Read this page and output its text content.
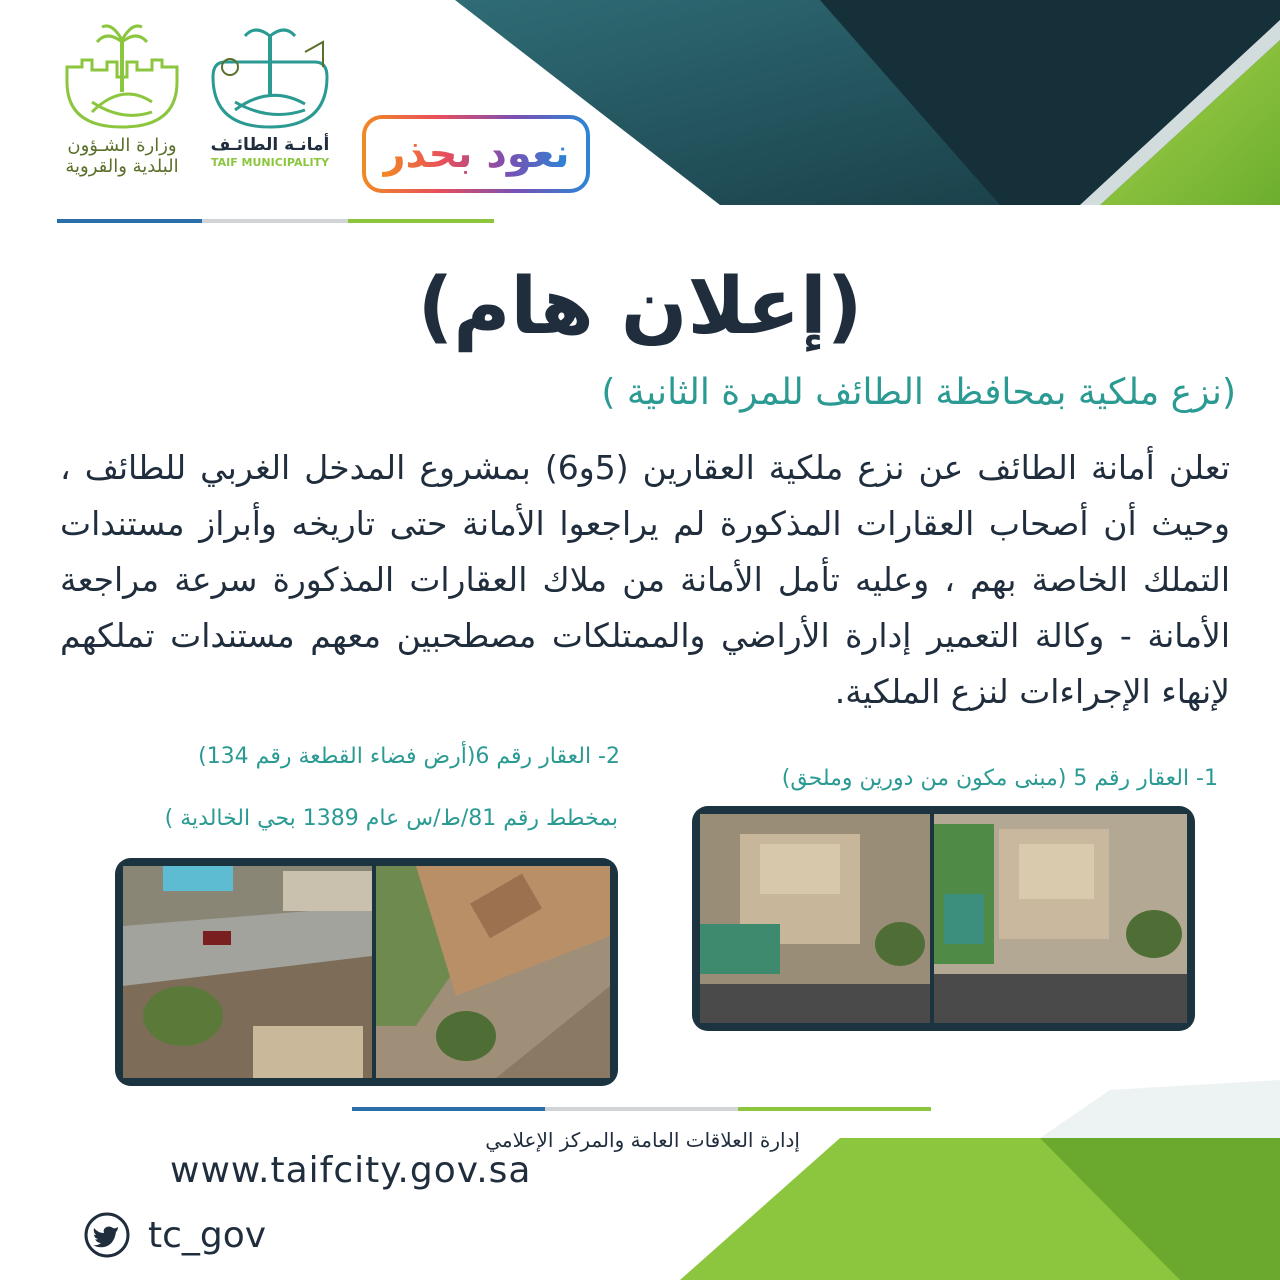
وزارة الشـؤون
البلدية والقروية
أمانـة الطائـف
TAIF MUNICIPALITY نعود بحذر
(إعلان هام)
(نزع ملكية بمحافظة الطائف للمرة الثانية )
تعلن أمانة الطائف عن نزع ملكية العقارين (5و6) بمشروع المدخل الغربي للطائف ، وحيث أن أصحاب العقارات المذكورة لم يراجعوا الأمانة حتى تاريخه وأبراز مستندات التملك الخاصة بهم ، وعليه تأمل الأمانة من ملاك العقارات المذكورة سرعة مراجعة الأمانة - وكالة التعمير إدارة الأراضي والممتلكات مصطحبين معهم مستندات تملكهم لإنهاء الإجراءات لنزع الملكية.
2- العقار رقم 6(أرض فضاء القطعة رقم 134)
بمخطط رقم 81/ط/س عام 1389 بحي الخالدية )
1- العقار رقم 5 (مبنى مكون من دورين وملحق)
إدارة العلاقات العامة والمركز الإعلامي
www.taifcity.gov.sa
tc_gov
